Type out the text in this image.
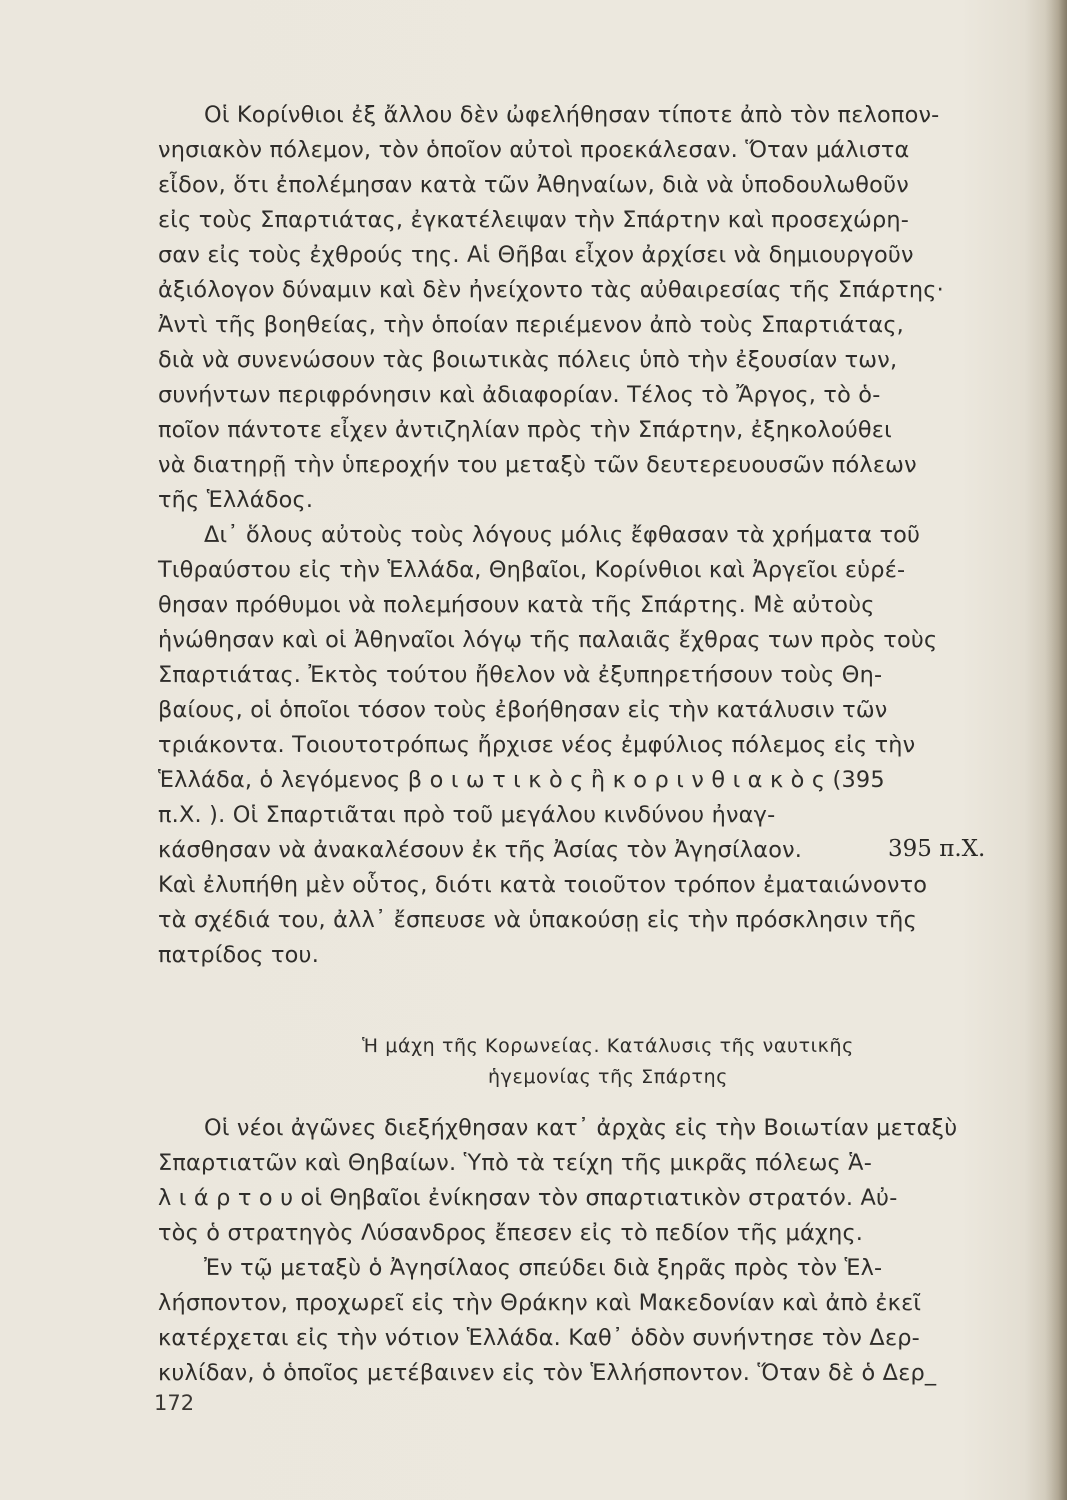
Οἱ Κορίνθιοι ἐξ ἄλλου δὲν ὠφελήθησαν τίποτε ἀπὸ τὸν πελοπον-
νησιακὸν πόλεμον, τὸν ὁποῖον αὐτοὶ προεκάλεσαν. Ὅταν μάλιστα
εἶδον, ὅτι ἐπολέμησαν κατὰ τῶν Ἀθηναίων, διὰ νὰ ὑποδουλωθοῦν
εἰς τοὺς Σπαρτιάτας, ἐγκατέλειψαν τὴν Σπάρτην καὶ προσεχώρη-
σαν εἰς τοὺς ἐχθρούς της. Αἱ Θῆβαι εἶχον ἀρχίσει νὰ δημιουργοῦν
ἀξιόλογον δύναμιν καὶ δὲν ἠνείχοντο τὰς αὐθαιρεσίας τῆς Σπάρτης·
Ἀντὶ τῆς βοηθείας, τὴν ὁποίαν περιέμενον ἀπὸ τοὺς Σπαρτιάτας,
διὰ νὰ συνενώσουν τὰς βοιωτικὰς πόλεις ὑπὸ τὴν ἐξουσίαν των,
συνήντων περιφρόνησιν καὶ ἀδιαφορίαν. Τέλος τὸ Ἄργος, τὸ ὁ-
ποῖον πάντοτε εἶχεν ἀντιζηλίαν πρὸς τὴν Σπάρτην, ἐξηκολούθει
νὰ διατηρῇ τὴν ὑπεροχήν του μεταξὺ τῶν δευτερευουσῶν πόλεων
τῆς Ἑλλάδος.
Δι᾽ ὅλους αὐτοὺς τοὺς λόγους μόλις ἔφθασαν τὰ χρήματα τοῦ
Τιθραύστου εἰς τὴν Ἑλλάδα, Θηβαῖοι, Κορίνθιοι καὶ Ἀργεῖοι εὑρέ-
θησαν πρόθυμοι νὰ πολεμήσουν κατὰ τῆς Σπάρτης. Μὲ αὐτοὺς
ἡνώθησαν καὶ οἱ Ἀθηναῖοι λόγῳ τῆς παλαιᾶς ἔχθρας των πρὸς τοὺς
Σπαρτιάτας. Ἐκτὸς τούτου ἤθελον νὰ ἐξυπηρετήσουν τοὺς Θη-
βαίους, οἱ ὁποῖοι τόσον τοὺς ἐβοήθησαν εἰς τὴν κατάλυσιν τῶν
τριάκοντα. Τοιουτοτρόπως ἤρχισε νέος ἐμφύλιος πόλεμος εἰς τὴν
Ἑλλάδα, ὁ λεγόμενος β ο ι ω τ ι κ ὸ ς ἢ κ ο ρ ι ν θ ι α κ ὸ ς (395
π.Χ. ). Οἱ Σπαρτιᾶται πρὸ τοῦ μεγάλου κινδύνου ἠναγ-
κάσθησαν νὰ ἀνακαλέσουν ἐκ τῆς Ἀσίας τὸν Ἀγησίλαον.
Καὶ ἐλυπήθη μὲν οὗτος, διότι κατὰ τοιοῦτον τρόπον ἐματαιώνοντο
τὰ σχέδιά του, ἀλλ᾽ ἔσπευσε νὰ ὑπακούσῃ εἰς τὴν πρόσκλησιν τῆς
πατρίδος του.
Ἡ μάχη τῆς Κορωνείας. Κατάλυσις τῆς ναυτικῆς
ἡγεμονίας τῆς Σπάρτης
Οἱ νέοι ἀγῶνες διεξήχθησαν κατ᾽ ἀρχὰς εἰς τὴν Βοιωτίαν μεταξὺ
Σπαρτιατῶν καὶ Θηβαίων. Ὑπὸ τὰ τείχη τῆς μικρᾶς πόλεως Ἁ-
λ ι ά ρ τ ο υ οἱ Θηβαῖοι ἐνίκησαν τὸν σπαρτιατικὸν στρατόν. Αὐ-
τὸς ὁ στρατηγὸς Λύσανδρος ἔπεσεν εἰς τὸ πεδίον τῆς μάχης.
Ἐν τῷ μεταξὺ ὁ Ἀγησίλαος σπεύδει διὰ ξηρᾶς πρὸς τὸν Ἑλ-
λήσποντον, προχωρεῖ εἰς τὴν Θράκην καὶ Μακεδονίαν καὶ ἀπὸ ἐκεῖ
κατέρχεται εἰς τὴν νότιον Ἑλλάδα. Καθ᾽ ὁδὸν συνήντησε τὸν Δερ-
κυλίδαν, ὁ ὁποῖος μετέβαινεν εἰς τὸν Ἑλλήσποντον. Ὅταν δὲ ὁ Δερ_
395 π.Χ.
172
